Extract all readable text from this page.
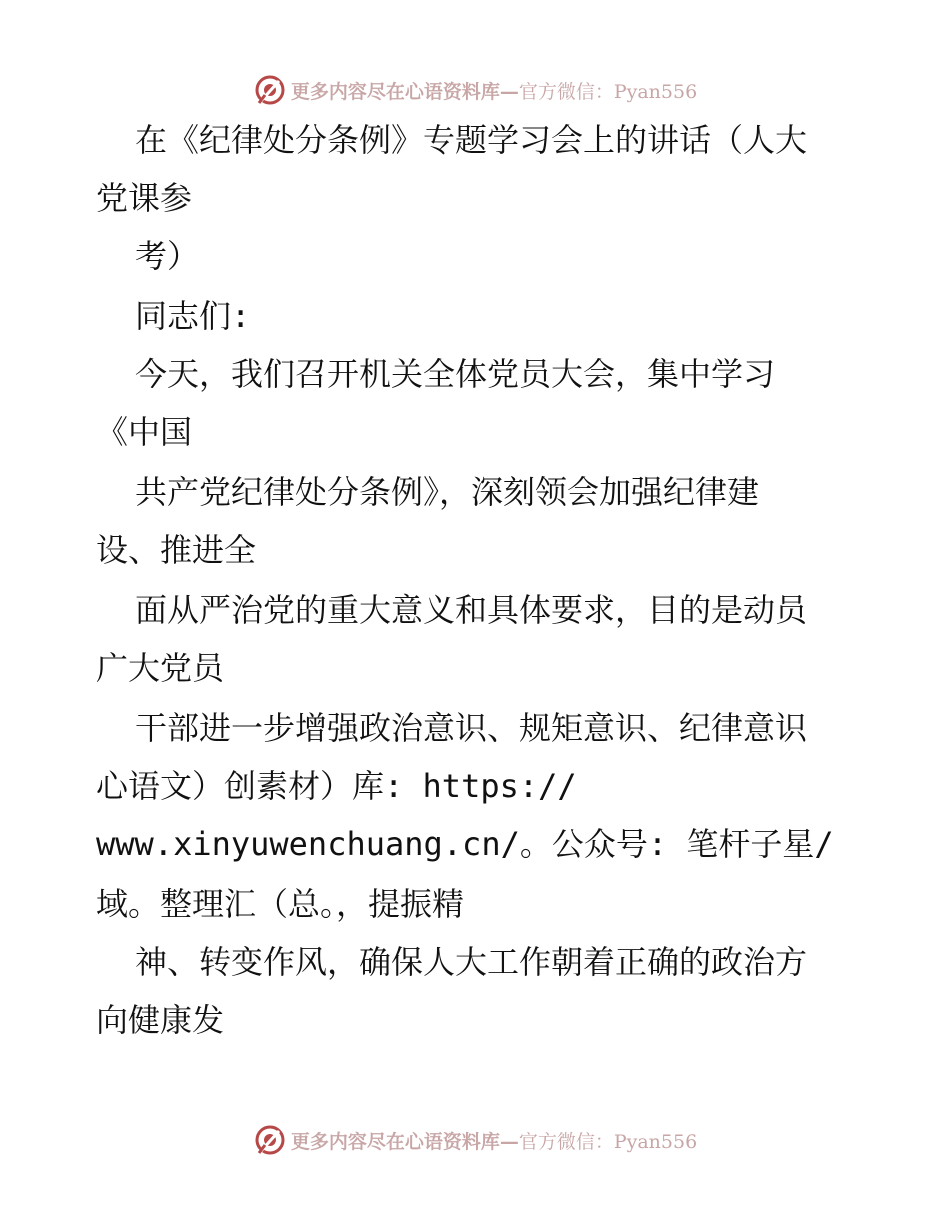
更多内容尽在心语资料库— 官方微信：Pyan556
在《纪律处分条例》专题学习会上的讲话（人大
党课参
考）
同志们:
今天，我们召开机关全体党员大会，集中学习
《中国
共产党纪律处分条例》，深刻领会加强纪律建
设、推进全
面从严治党的重大意义和具体要求，目的是动员
广大党员
干部进一步增强政治意识、规矩意识、纪律意识
心语文）创素材）库: https://
www.xinyuwenchuang.cn/。公众号: 笔杆子星/
域。整理汇（总。，提振精
神、转变作风，确保人大工作朝着正确的政治方
向健康发
更多内容尽在心语资料库— 官方微信：Pyan556
